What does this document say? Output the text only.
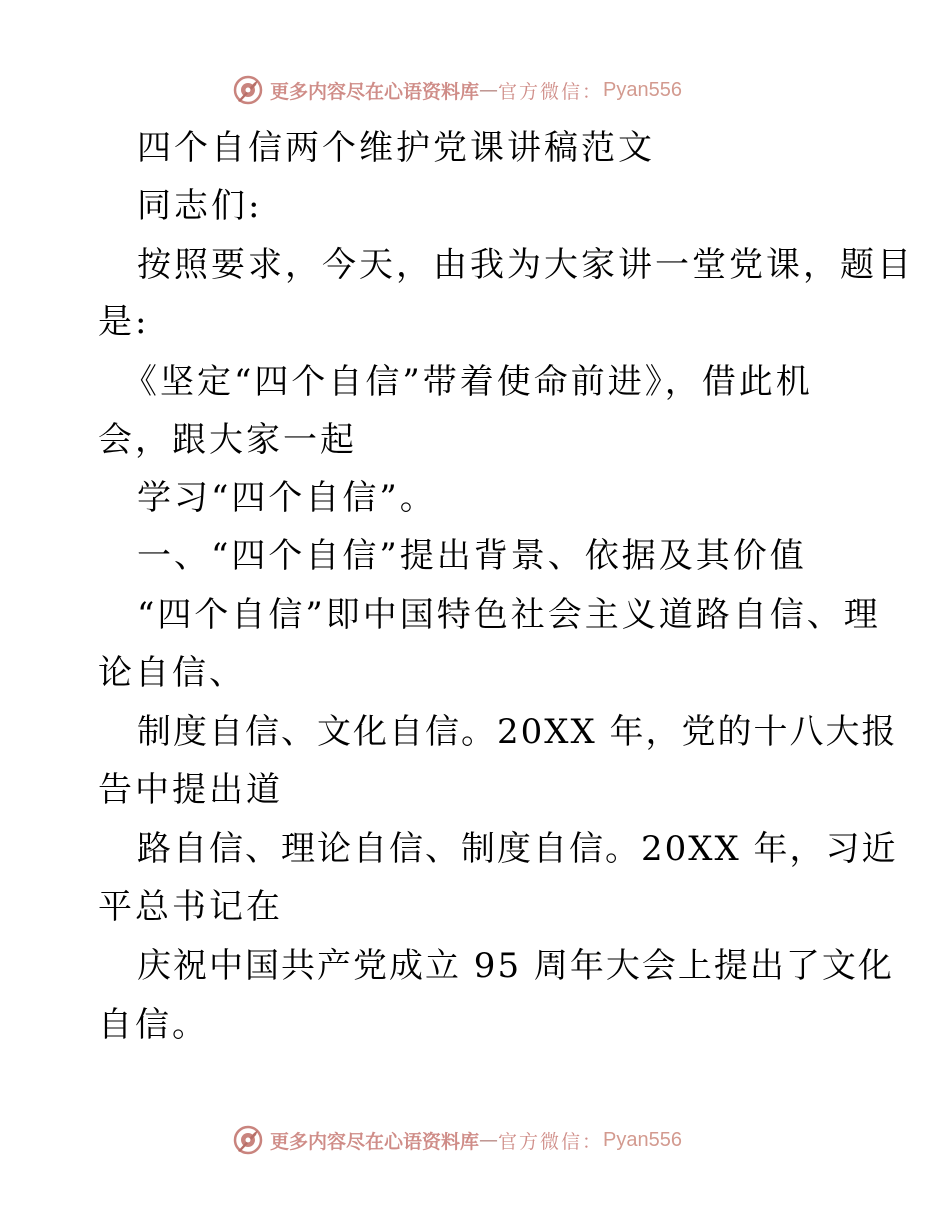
更多内容尽在心语资料库 — 官方微信： Pyan556
四个自信两个维护党课讲稿范文
同志们:
按照要求，今天，由我为大家讲一堂党课，题目
是:
《坚定“四个自信”带着使命前进》，借此机
会，跟大家一起
学习“四个自信”。
一、“四个自信”提出背景、依据及其价值
“四个自信”即中国特色社会主义道路自信、理
论自信、
制度自信、文化自信。20XX 年，党的十八大报
告中提出道
路自信、理论自信、制度自信。20XX 年，习近
平总书记在
庆祝中国共产党成立 95 周年大会上提出了文化
自信。
更多内容尽在心语资料库 — 官方微信： Pyan556
